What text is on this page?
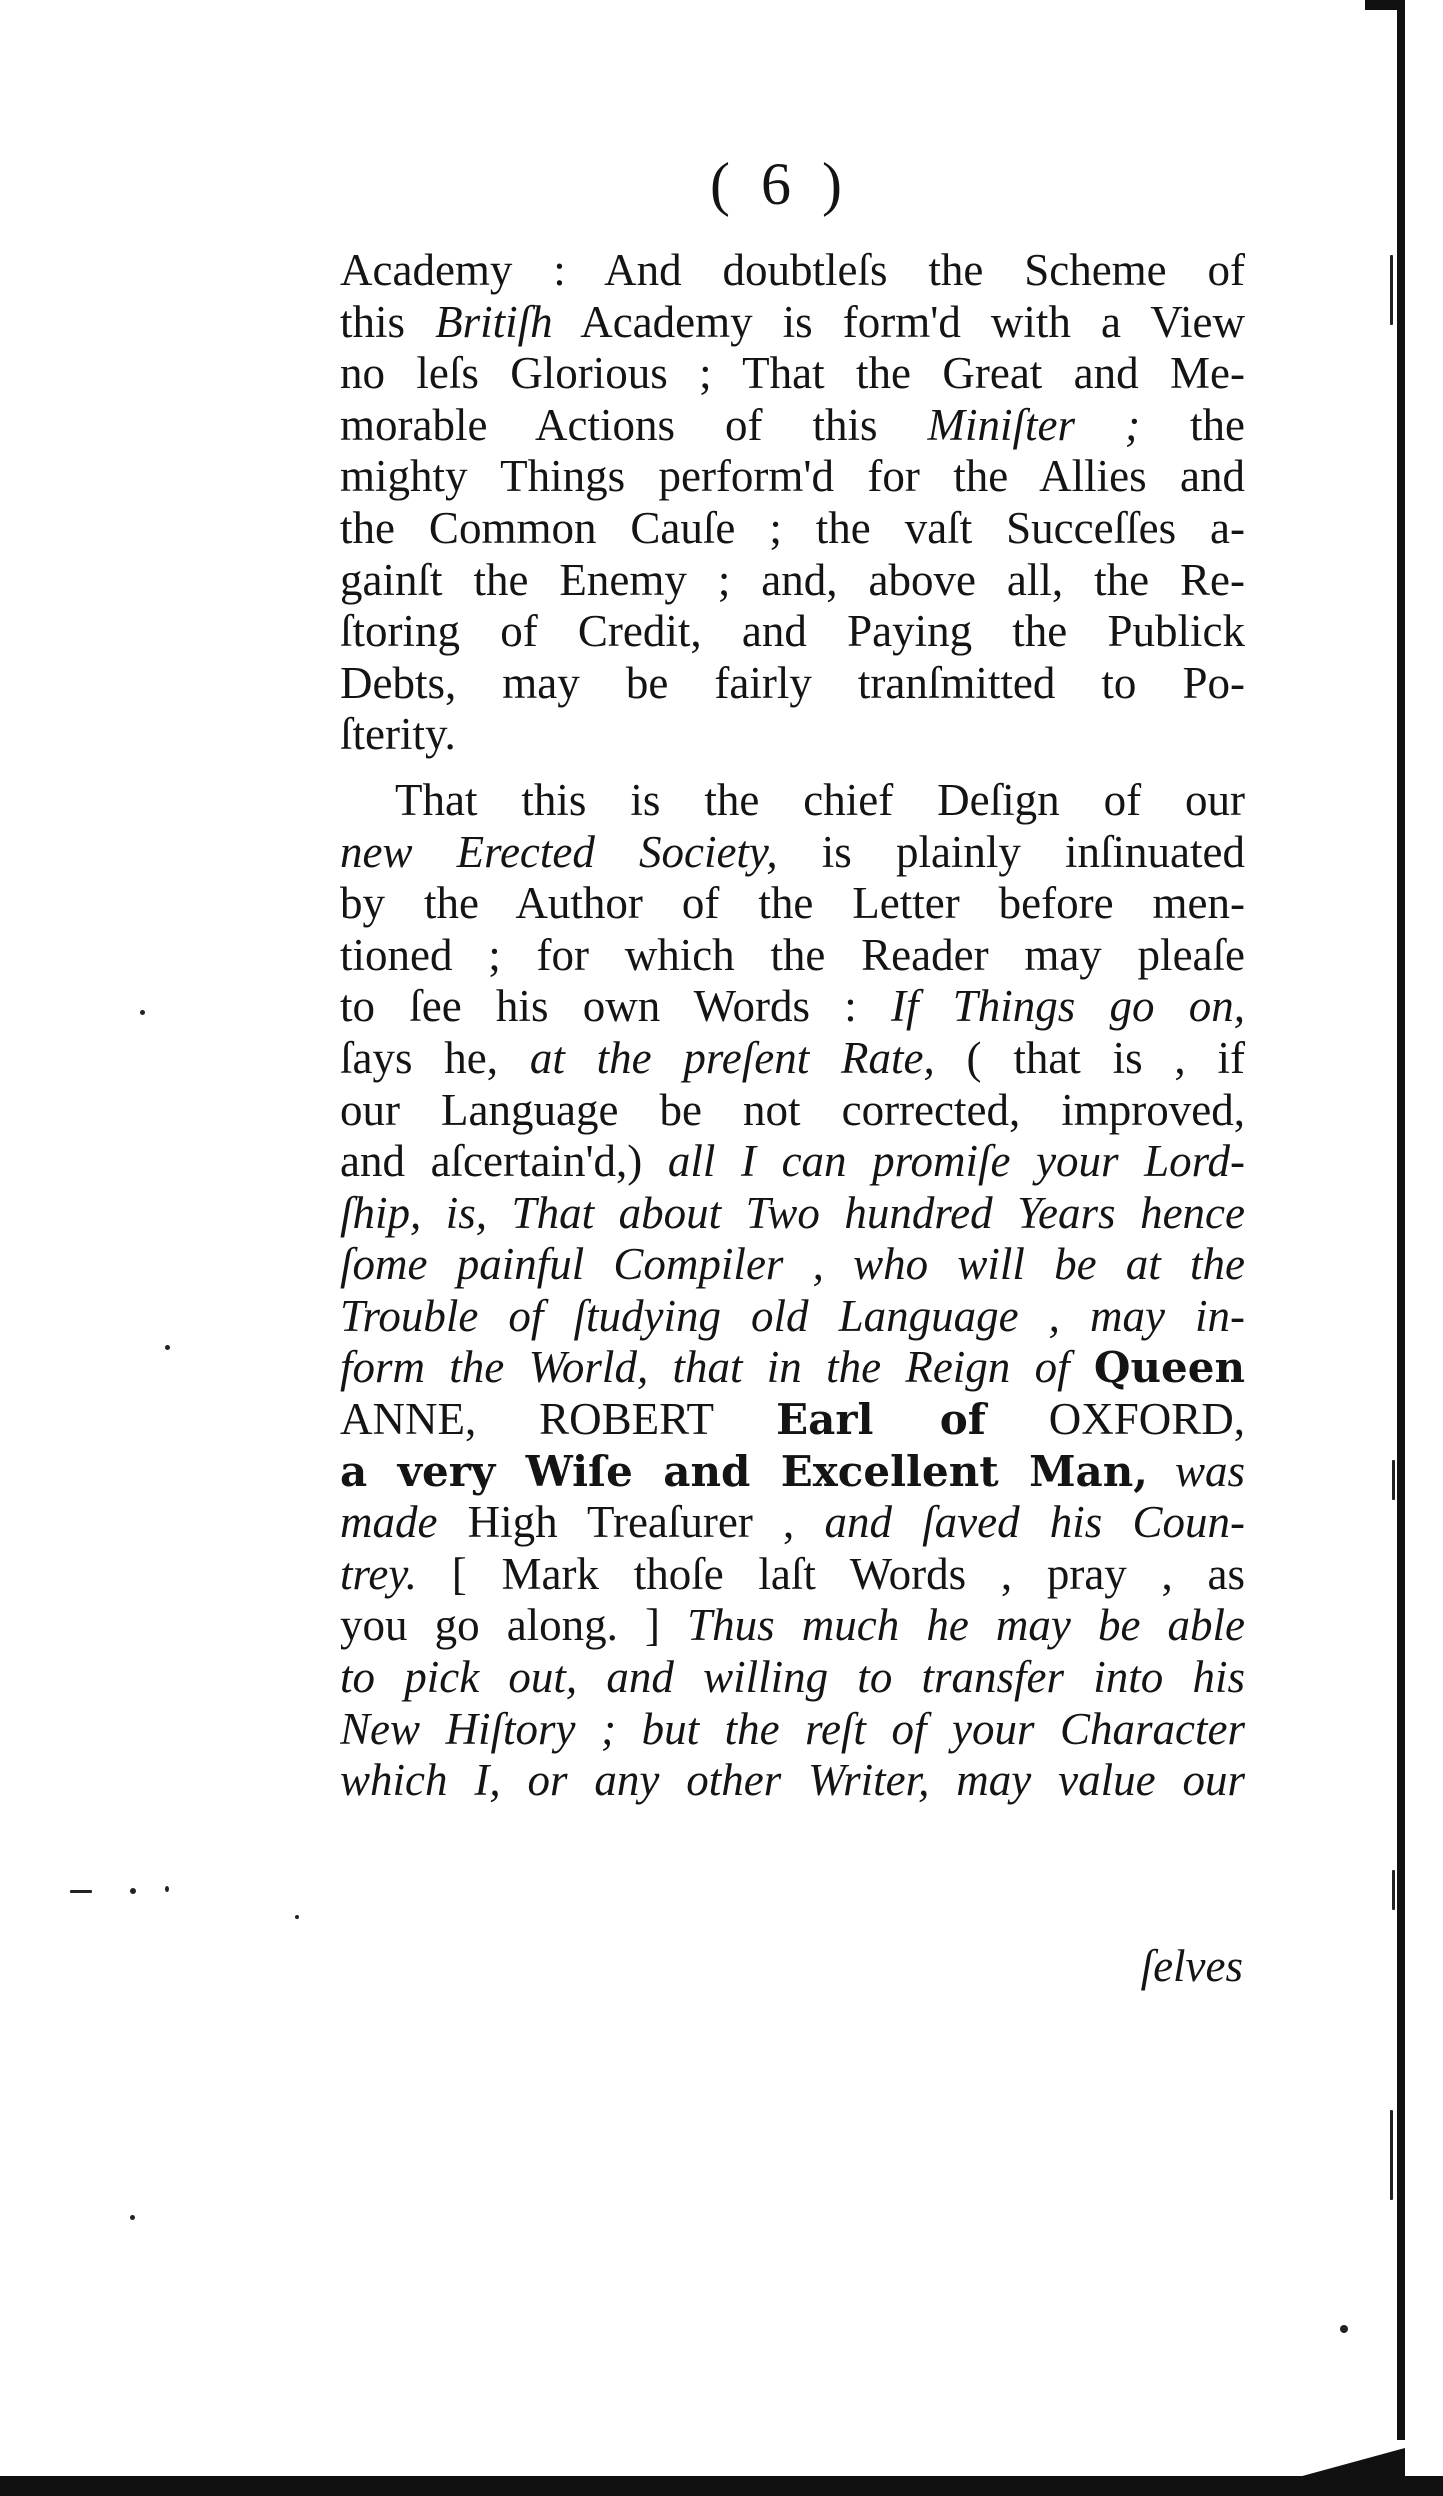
( 6 )
Academy : And doubtleſs the Scheme of
this Britiſh Academy is form'd with a View
no leſs Glorious ; That the Great and Me-
morable Actions of this Miniſter ; the
mighty Things perform'd for the Allies and
the Common Cauſe ; the vaſt Succeſſes a-
gainſt the Enemy ; and, above all, the Re-
ſtoring of Credit, and Paying the Publick
Debts, may be fairly tranſmitted to Po-
ſterity.
That this is the chief Deſign of our
new Erected Society, is plainly inſinuated
by the Author of the Letter before men-
tioned ; for which the Reader may pleaſe
to ſee his own Words : If Things go on,
ſays he, at the preſent Rate, ( that is , if
our Language be not corrected, improved,
and aſcertain'd,) all I can promiſe your Lord-
ſhip, is, That about Two hundred Years hence
ſome painful Compiler , who will be at the
Trouble of ſtudying old Language , may in-
form the World, that in the Reign of Queen
ANNE, ROBERT Earl of OXFORD,
a very Wiſe and Excellent Man, was
made High Treaſurer , and ſaved his Coun-
trey. [ Mark thoſe laſt Words , pray , as
you go along. ] Thus much he may be able
to pick out, and willing to transfer into his
New Hiſtory ; but the reſt of your Character
which I, or any other Writer, may value our
ſelves
